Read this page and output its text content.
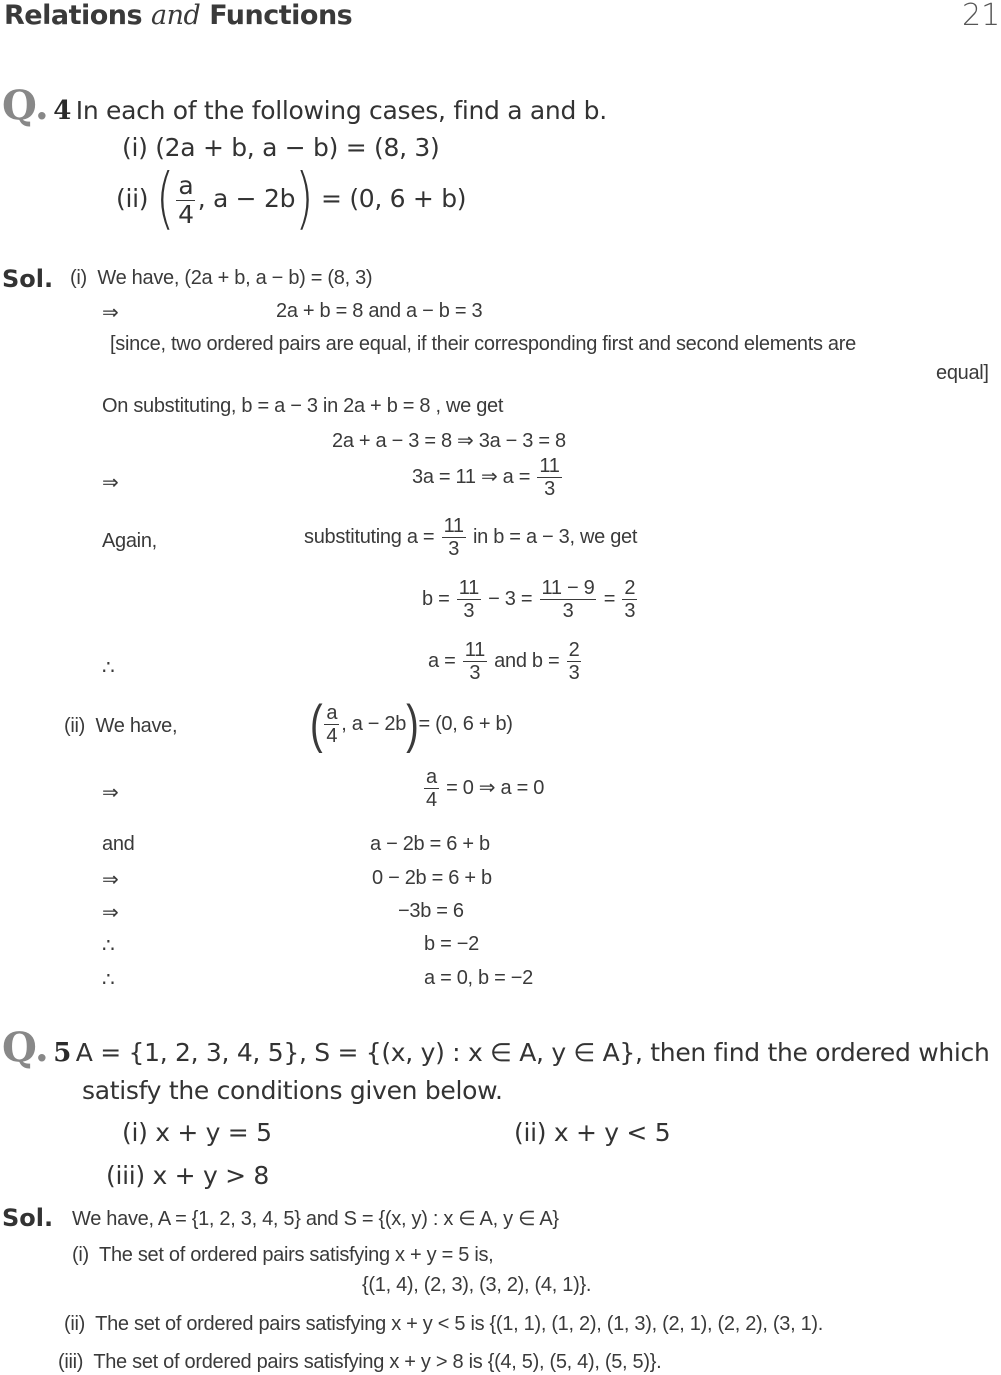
Relations and Functions	21
Q. 4 In each of the following cases, find a and b.
(i) (2a + b, a − b) = (8, 3)
(ii) ( $\frac{a}{4}$ , a − 2b) = (0, 6 + b)
Sol. (i) We have, (2a + b, a − b) = (8, 3)
⇒	2a + b = 8 and a − b = 3
[since, two ordered pairs are equal, if their corresponding first and second elements are
equal]
On substituting, b = a − 3 in 2a + b = 8 , we get
2a + a − 3 = 8 ⇒ 3a − 3 = 8
⇒	3a = 11 ⇒ $a = \frac{11}{3}$
Again,	substituting $a = \frac{11}{3}$ in b = a − 3, we get
$b = \frac{11}{3} - 3 = \frac{11 - 9}{3} = \frac{2}{3}$
∴	$a = \frac{11}{3}$ and $b = \frac{2}{3}$
(ii) We have,	( $\frac{a}{4}$ , a − 2b)= (0, 6 + b)
⇒	$\frac{a}{4} = 0$ ⇒ a = 0
and	a − 2b = 6 + b
⇒	0 − 2b = 6 + b
⇒	−3b = 6
∴	b = −2
∴	a = 0, b = −2
Q. 5 A = {1, 2, 3, 4, 5}, S = {(x, y) : x ∈ A, y ∈ A}, then find the ordered which
satisfy the conditions given below.
(i) x + y = 5	(ii) x + y < 5
(iii) x + y > 8
Sol. We have, A = {1, 2, 3, 4, 5} and S = {(x, y) : x ∈ A, y ∈ A}
(i) The set of ordered pairs satisfying x + y = 5 is,
{(1, 4), (2, 3), (3, 2), (4, 1)}.
(ii) The set of ordered pairs satisfying x + y < 5 is {(1, 1), (1, 2), (1, 3), (2, 1), (2, 2), (3, 1).
(iii) The set of ordered pairs satisfying x + y > 8 is {(4, 5), (5, 4), (5, 5)}.
